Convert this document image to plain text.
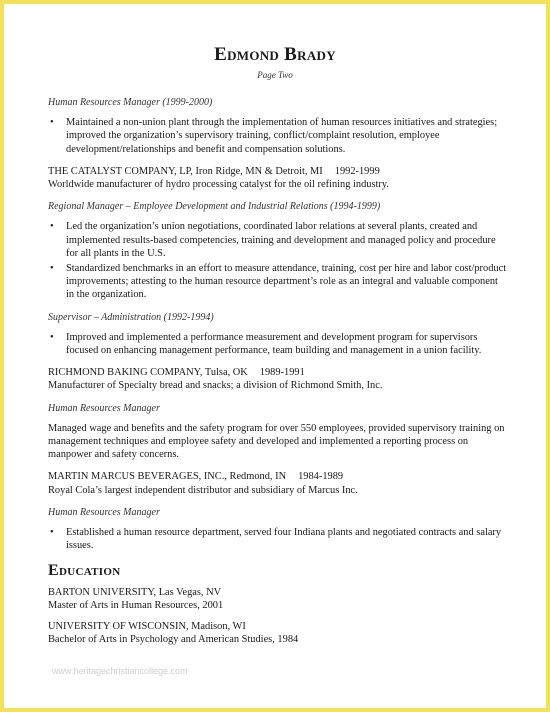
Edmond Brady
Page Two
Human Resources Manager (1999-2000)
• Maintained a non-union plant through the implementation of human resources initiatives and strategies; improved the organization’s supervisory training, conflict/complaint resolution, employee development/relationships and benefit and compensation solutions.
THE CATALYST COMPANY, LP, Iron Ridge, MN & Detroit, MI 1992-1999
Worldwide manufacturer of hydro processing catalyst for the oil refining industry.
Regional Manager – Employee Development and Industrial Relations (1994-1999)
• Led the organization’s union negotiations, coordinated labor relations at several plants, created and implemented results-based competencies, training and development and managed policy and procedure for all plants in the U.S.
• Standardized benchmarks in an effort to measure attendance, training, cost per hire and labor cost/product improvements; attesting to the human resource department’s role as an integral and valuable component in the organization.
Supervisor – Administration (1992-1994)
• Improved and implemented a performance measurement and development program for supervisors focused on enhancing management performance, team building and management in a union facility.
RICHMOND BAKING COMPANY, Tulsa, OK 1989-1991
Manufacturer of Specialty bread and snacks; a division of Richmond Smith, Inc.
Human Resources Manager
Managed wage and benefits and the safety program for over 550 employees, provided supervisory training on management techniques and employee safety and developed and implemented a reporting process on manpower and safety concerns.
MARTIN MARCUS BEVERAGES, INC., Redmond, IN 1984-1989
Royal Cola’s largest independent distributor and subsidiary of Marcus Inc.
Human Resources Manager
• Established a human resource department, served four Indiana plants and negotiated contracts and salary issues.
Education
BARTON UNIVERSITY, Las Vegas, NV
Master of Arts in Human Resources, 2001
UNIVERSITY OF WISCONSIN, Madison, WI
Bachelor of Arts in Psychology and American Studies, 1984
www.heritagechristiancollege.com
